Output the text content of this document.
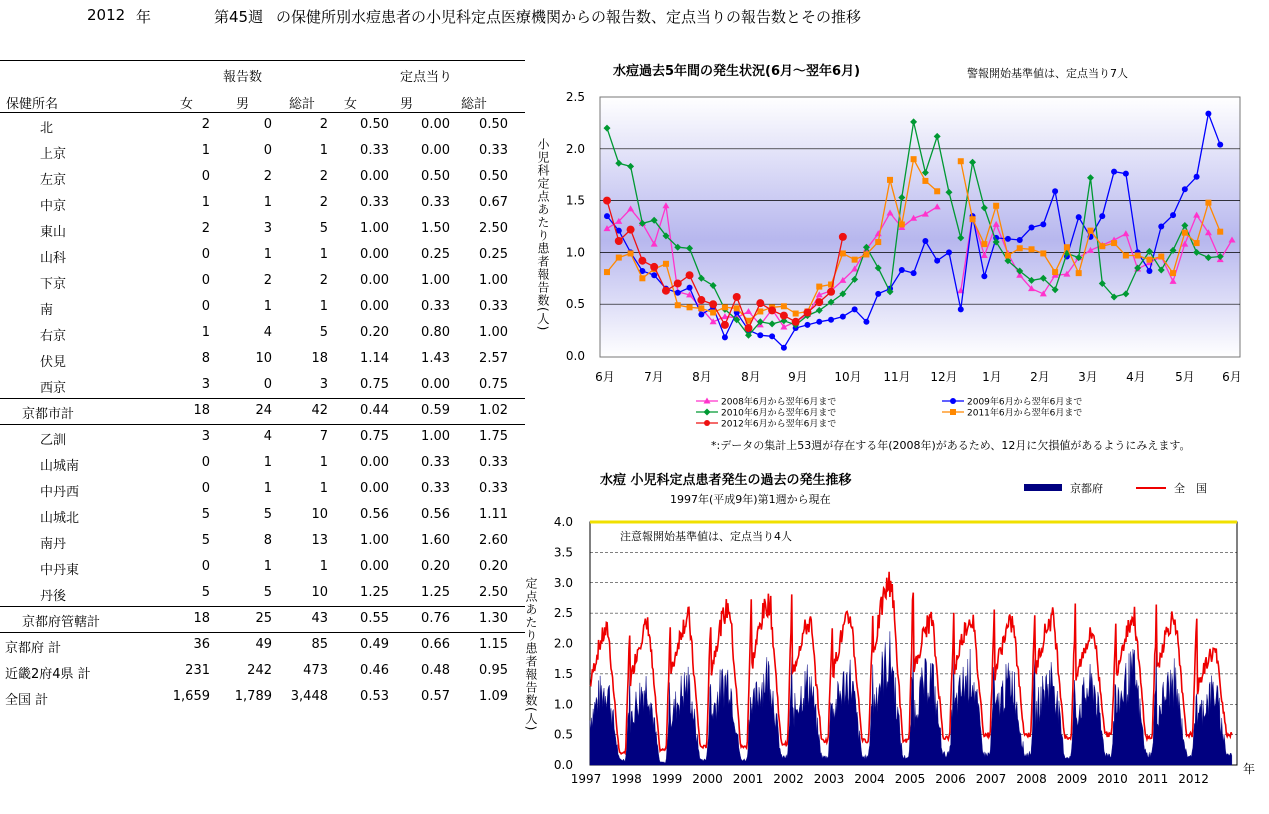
2012 年	第45週 の保健所別水痘患者の小児科定点医療機関からの報告数、定点当りの報告数とその推移
報告数	定点当り
保健所名	女	男	総計 女	男	総計
北	2	0	2 0.50 0.00 0.50
上京	1	0	1 0.33 0.00 0.33
左京	0	2	2 0.00 0.50 0.50
中京	1	1	2 0.33 0.33 0.67
東山	2	3	5 1.00 1.50 2.50
山科	0	1	1 0.00 0.25 0.25
下京	0	2	2 0.00 1.00 1.00
南	0	1	1 0.00 0.33 0.33
右京	1	4	5 0.20 0.80 1.00
伏見	8	10	18 1.14 1.43 2.57
西京	3	0	3 0.75 0.00 0.75
京都市計	18	24	42 0.44 0.59 1.02
乙訓	3	4	7 0.75 1.00 1.75
山城南	0	1	1 0.00 0.33 0.33
中丹西	0	1	1 0.00 0.33 0.33
山城北	5	5	10 0.56 0.56 1.11
南丹	5	8	13 1.00 1.60 2.60
中丹東	0	1	1 0.00 0.20 0.20
丹後	5	5	10 1.25 1.25 2.50
京都府管轄計	18	25	43 0.55 0.76 1.30
京都府 計	36	49	85 0.49 0.66 1.15
近畿2府4県 計	231	242 473 0.46 0.48 0.95
全国 計	1,659 1,789 3,448 0.53 0.57 1.09
水痘過去5年間の発生状況(6月～翌年6月)	警報開始基準値は、定点当り7人
0.0
0.5
1.0
1.5
2.0
2.5
小児科定点あたり患者報告数(人)
6月 7月 8月 8月 9月 10月 11月 12月 1月 2月 3月 4月 5月 6月
2008年6月から翌年6月まで	2009年6月から翌年6月まで
2010年6月から翌年6月まで	2011年6月から翌年6月まで
2012年6月から翌年6月まで
*:データの集計上53週が存在する年(2008年)があるため、12月に欠損値があるようにみえます。
水痘 小児科定点患者発生の過去の発生推移
1997年(平成9年)第1週から現在
京都府	全　国
0.0
0.5
1.0
1.5
2.0
2.5
3.0
3.5
4.0
定点あたり患者報告数(人)
注意報開始基準値は、定点当り4人
1997 1998 1999 2000 2001 2002 2003 2004 2005 2006 2007 2008 2009 2010 2011 2012
年
